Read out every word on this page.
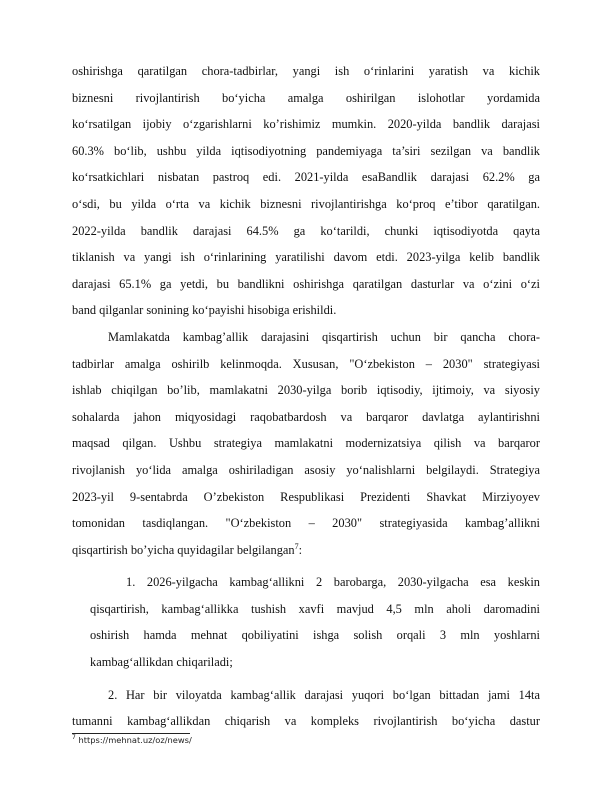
oshirishga qaratilgan chora-tadbirlar, yangi ish o‘rinlarini yaratish va kichik
biznesni rivojlantirish bo‘yicha amalga oshirilgan islohotlar yordamida
ko‘rsatilgan ijobiy o‘zgarishlarni ko’rishimiz mumkin. 2020-yilda bandlik darajasi
60.3% bo‘lib, ushbu yilda iqtisodiyotning pandemiyaga ta’siri sezilgan va bandlik
ko‘rsatkichlari nisbatan pastroq edi. 2021-yilda esaBandlik darajasi 62.2% ga
o‘sdi, bu yilda o‘rta va kichik biznesni rivojlantirishga ko‘proq e’tibor qaratilgan.
2022-yilda bandlik darajasi 64.5% ga ko‘tarildi, chunki iqtisodiyotda qayta
tiklanish va yangi ish o‘rinlarining yaratilishi davom etdi. 2023-yilga kelib bandlik
darajasi 65.1% ga yetdi, bu bandlikni oshirishga qaratilgan dasturlar va o‘zini o‘zi
band qilganlar sonining ko‘payishi hisobiga erishildi.
Mamlakatda kambag’allik darajasini qisqartirish uchun bir qancha chora-
tadbirlar amalga oshirilb kelinmoqda. Xususan, "O‘zbekiston – 2030" strategiyasi
ishlab chiqilgan bo’lib, mamlakatni 2030-yilga borib iqtisodiy, ijtimoiy, va siyosiy
sohalarda jahon miqyosidagi raqobatbardosh va barqaror davlatga aylantirishni
maqsad qilgan. Ushbu strategiya mamlakatni modernizatsiya qilish va barqaror
rivojlanish yo‘lida amalga oshiriladigan asosiy yo‘nalishlarni belgilaydi. Strategiya
2023-yil 9-sentabrda O’zbekiston Respublikasi Prezidenti Shavkat Mirziyoyev
tomonidan tasdiqlangan. "O‘zbekiston – 2030" strategiyasida kambag’allikni
qisqartirish bo’yicha quyidagilar belgilangan$^7$:
1. 2026-yilgacha kambag‘allikni 2 barobarga, 2030-yilgacha esa keskin
qisqartirish, kambag‘allikka tushish xavfi mavjud 4,5 mln aholi daromadini
oshirish hamda mehnat qobiliyatini ishga solish orqali 3 mln yoshlarni
kambag‘allikdan chiqariladi;
2. Har bir viloyatda kambag‘allik darajasi yuqori bo‘lgan bittadan jami 14ta
tumanni kambag‘allikdan chiqarish va kompleks rivojlantirish bo‘yicha dastur
$^7$ https://mehnat.uz/oz/news/
